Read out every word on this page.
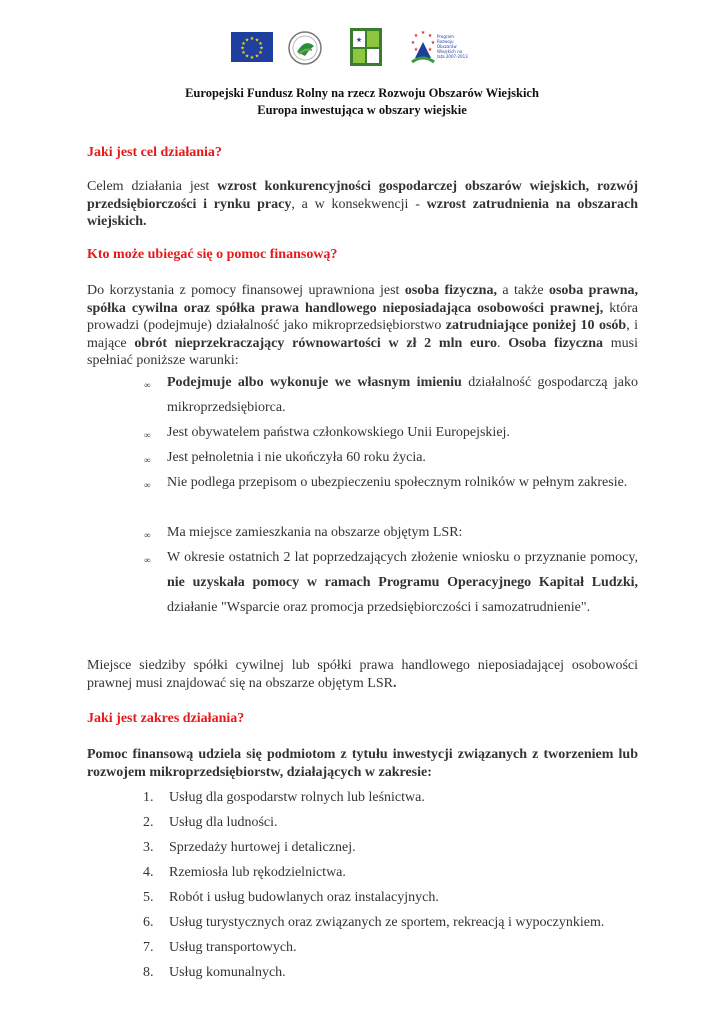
★ ★
★
★
★
★
★
★
★
★
★
★	★
★ ★
★
★
★
★
★
Program Rozwoju Obszarów Wiejskich na lata 2007-2013
Europejski Fundusz Rolny na rzecz Rozwoju Obszarów Wiejskich
Europa inwestująca w obszary wiejskie
Jaki jest cel działania?

Celem działania jest wzrost konkurencyjności gospodarczej obszarów wiejskich, rozwój przedsiębiorczości i rynku pracy, a w konsekwencji - wzrost zatrudnienia na obszarach wiejskich.

Kto może ubiegać się o pomoc finansową?

Do korzystania z pomocy finansowej uprawniona jest osoba fizyczna, a także osoba prawna, spółka cywilna oraz spółka prawa handlowego nieposiadająca osobowości prawnej, która prowadzi (podejmuje) działalność jako mikroprzedsiębiorstwo zatrudniające poniżej 10 osób, i mające obrót nieprzekraczający równowartości w zł 2 mln euro. Osoba fizyczna musi spełniać poniższe warunki:

∞	Podejmuje albo wykonuje we własnym imieniu działalność gospodarczą jako mikroprzedsiębiorca.
∞	Jest obywatelem państwa członkowskiego Unii Europejskiej.
∞	Jest pełnoletnia i nie ukończyła 60 roku życia.
∞	Nie podlega przepisom o ubezpieczeniu społecznym rolników w pełnym zakresie.
∞	Ma miejsce zamieszkania na obszarze objętym LSR:
∞	W okresie ostatnich 2 lat poprzedzających złożenie wniosku o przyznanie pomocy, nie uzyskała pomocy w ramach Programu Operacyjnego Kapitał Ludzki, działanie "Wsparcie oraz promocja przedsiębiorczości i samozatrudnienie".

Miejsce siedziby spółki cywilnej lub spółki prawa handlowego nieposiadającej osobowości prawnej musi znajdować się na obszarze objętym LSR.

Jaki jest zakres działania?
Pomoc finansową udziela się podmiotom z tytułu inwestycji związanych z tworzeniem lub rozwojem mikroprzedsiębiorstw, działających w zakresie:
1. Usług dla gospodarstw rolnych lub leśnictwa.
2. Usług dla ludności.
3. Sprzedaży hurtowej i detalicznej.
4. Rzemiosła lub rękodzielnictwa.
5. Robót i usług budowlanych oraz instalacyjnych.
6. Usług turystycznych oraz związanych ze sportem, rekreacją i wypoczynkiem.
7. Usług transportowych.
8. Usług komunalnych.
